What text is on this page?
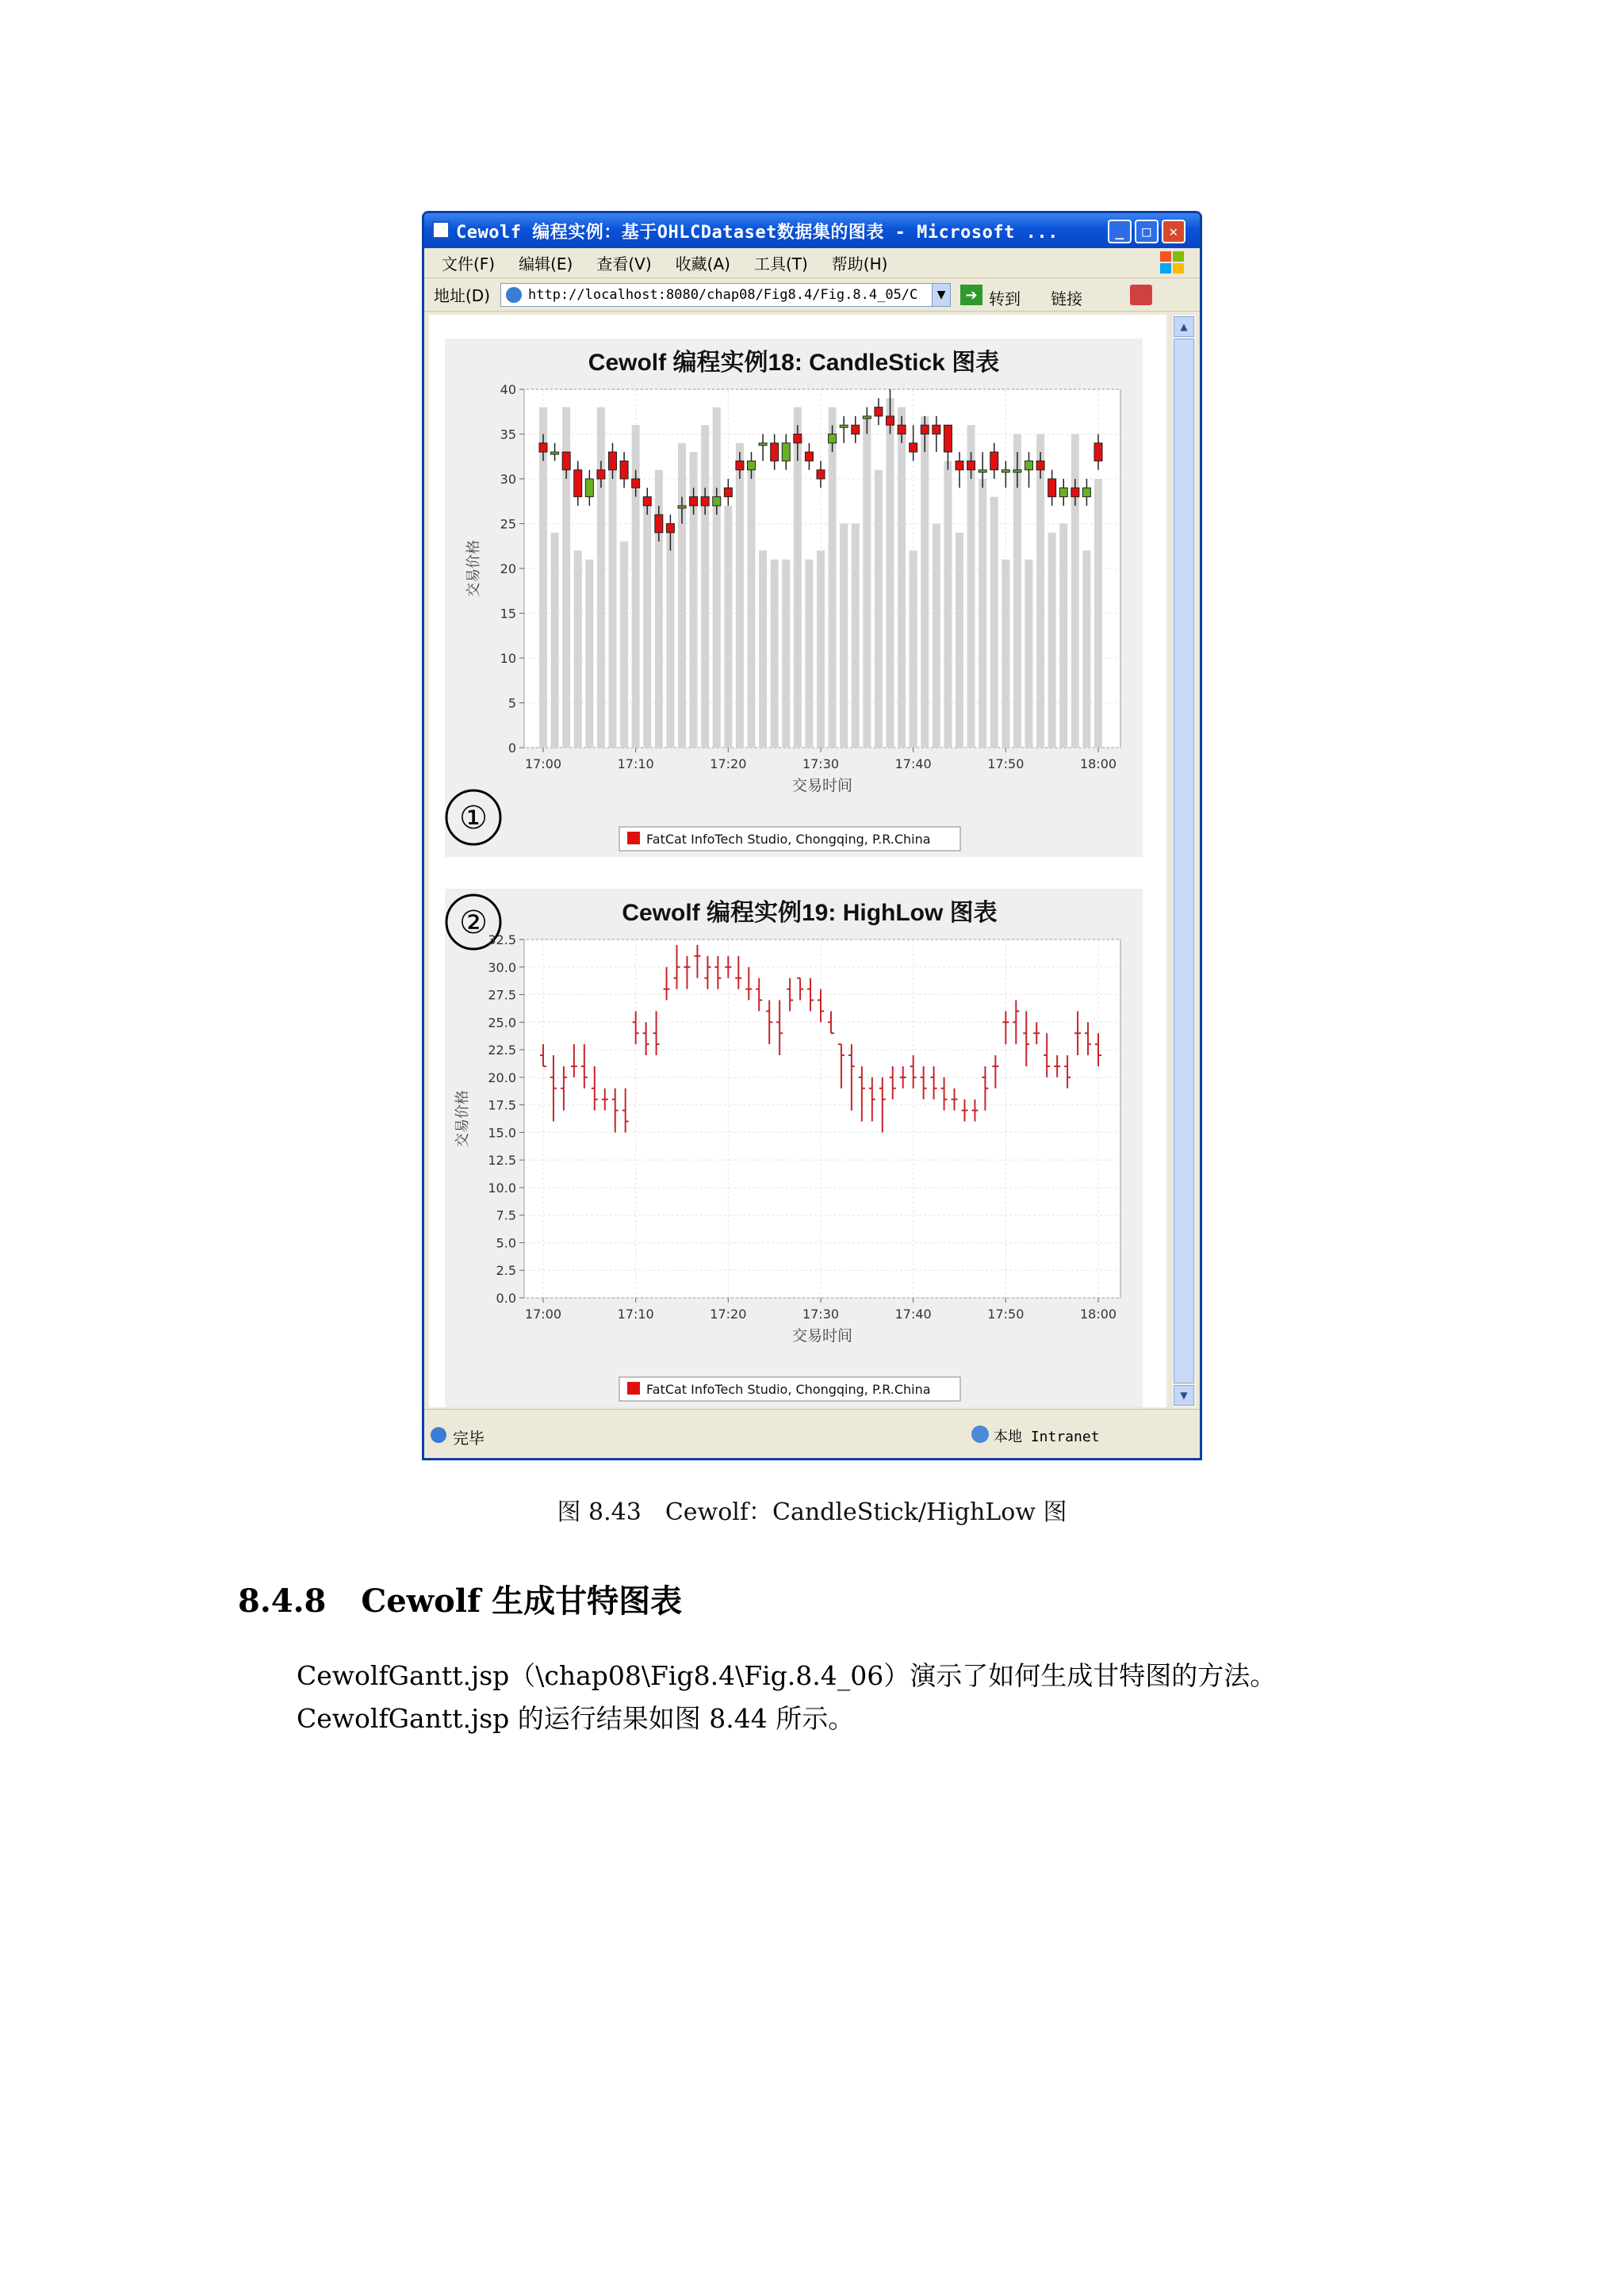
Cewolf 编程实例：基于OHLCDataset数据集的图表 - Microsoft ...	_	□	✕
文件(F) 编辑(E) 查看(V) 收藏(A) 工具(T) 帮助(H)
地址(D)	http://localhost:8080/chap08/Fig8.4/Fig.8.4_05/C	▼	➔ 转到 链接
Cewolf 编程实例18: CandleStick 图表
0
5
10
15
20
25
30
35
40
17:00	17:10	17:20	17:30	17:40	17:50	18:00
交易价格
交易时间
①
FatCat InfoTech Studio, Chongqing, P.R.China
②	Cewolf 编程实例19: HighLow 图表
0.0
2.5
5.0
7.5
10.0
12.5
15.0
17.5
20.0
22.5
25.0
27.5
30.0
32.5
17:00	17:10	17:20	17:30	17:40	17:50	18:00
交易价格
交易时间
FatCat InfoTech Studio, Chongqing, P.R.China
▲
▼
完毕	本地 Intranet
图 8.43　Cewolf：CandleStick/HighLow 图
8.4.8 Cewolf 生成甘特图表
CewolfGantt.jsp（\chap08\Fig8.4\Fig.8.4_06）演示了如何生成甘特图的方法。
CewolfGantt.jsp 的运行结果如图 8.44 所示。
